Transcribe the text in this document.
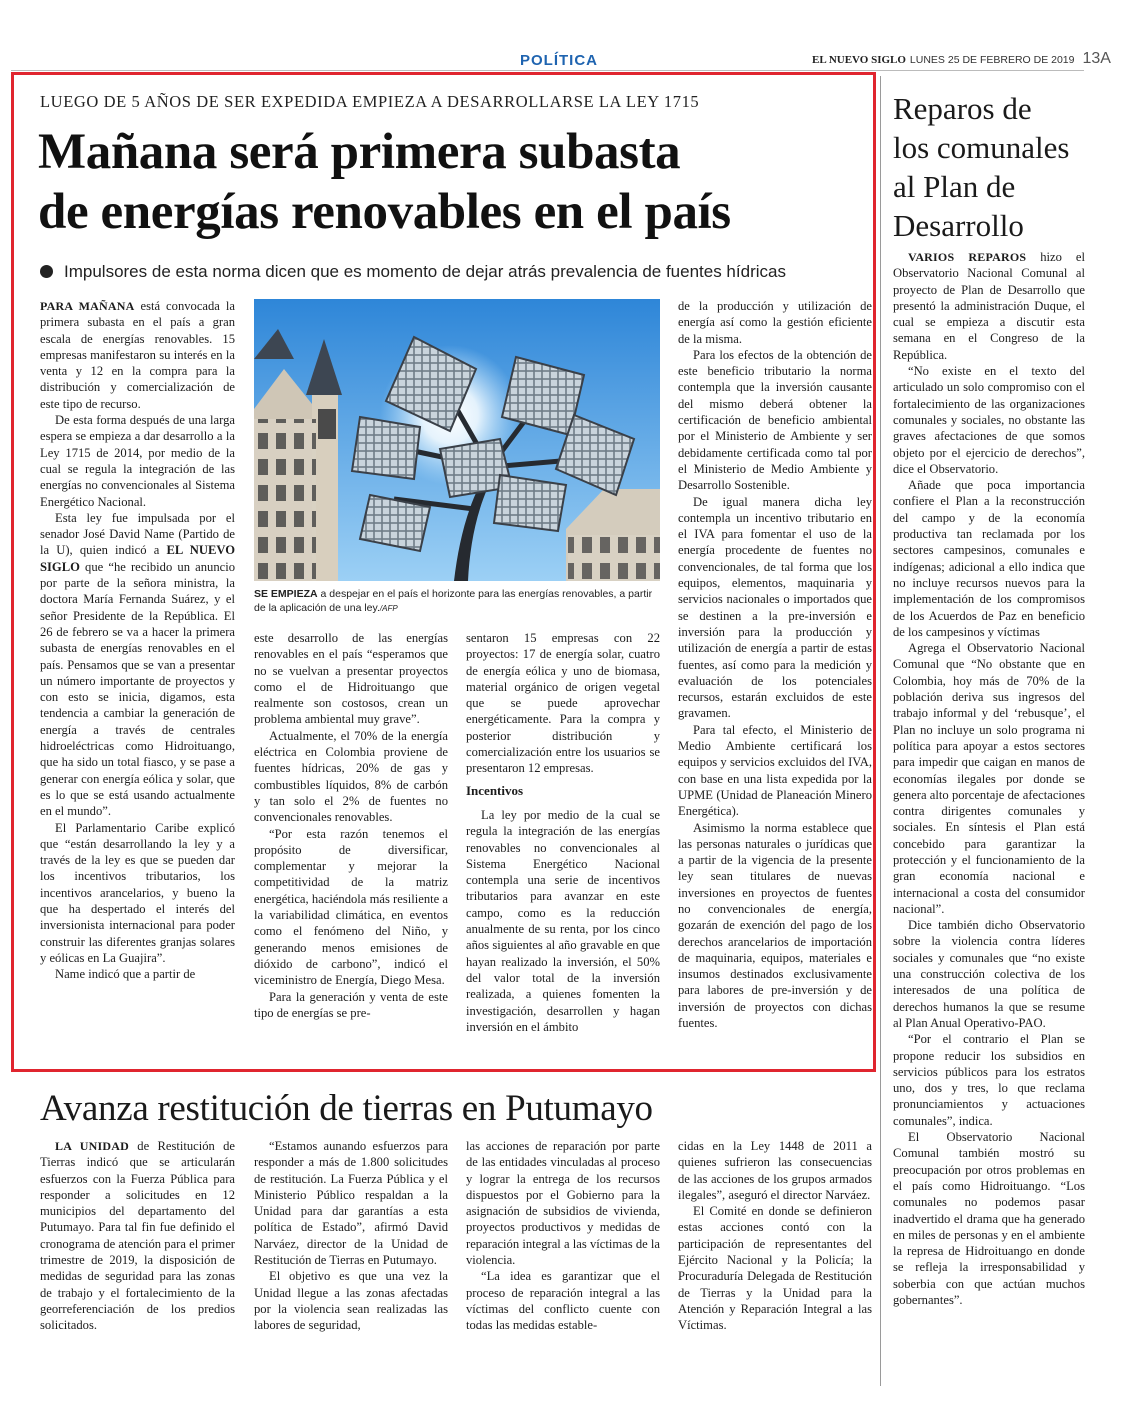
POLÍTICA	EL NUEVO SIGLO LUNES 25 DE FEBRERO DE 2019 13A
LUEGO DE 5 AÑOS DE SER EXPEDIDA EMPIEZA A DESARROLLARSE LA LEY 1715
Mañana será primera subasta
de energías renovables en el país
Impulsores de esta norma dicen que es momento de dejar atrás prevalencia de fuentes hídricas
SE EMPIEZA a despejar en el país el horizonte para las energías renovables, a partir de la aplicación de una ley./AFP

PARA MAÑANA está convocada la primera subasta en el país a gran escala de energías renovables. 15 empresas manifestaron su interés en la venta y 12 en la compra para la distribución y comercialización de este tipo de recurso.

De esta forma después de una larga espera se empieza a dar desarrollo a la Ley 1715 de 2014, por medio de la cual se regula la integración de las energías no convencionales al Sistema Energético Nacional.

Esta ley fue impulsada por el senador José David Name (Partido de la U), quien indicó a EL NUEVO SIGLO que “he recibido un anuncio por parte de la señora ministra, la doctora María Fernanda Suárez, y el señor Presidente de la República. El 26 de febrero se va a hacer la primera subasta de energías renovables en el país. Pensamos que se van a presentar un número importante de proyectos y con esto se inicia, digamos, esta tendencia a cambiar la generación de energía a través de centrales hidroeléctricas como Hidroituango, que ha sido un total fiasco, y se pase a generar con energía eólica y solar, que es lo que se está usando actualmente en el mundo”.

El Parlamentario Caribe explicó que “están desarrollando la ley y a través de la ley es que se pueden dar los incentivos tributarios, los incentivos arancelarios, y bueno la que ha despertado el interés del inversionista internacional para poder construir las diferentes granjas solares y eólicas en La Guajira”.

Name indicó que a partir de

este desarrollo de las energías renovables en el país “esperamos que no se vuelvan a presentar proyectos como el de Hidroituango que realmente son costosos, crean un problema ambiental muy grave”.

Actualmente, el 70% de la energía eléctrica en Colombia proviene de fuentes hídricas, 20% de gas y combustibles líquidos, 8% de carbón y tan solo el 2% de fuentes no convencionales renovables.

“Por esta razón tenemos el propósito de diversificar, complementar y mejorar la competitividad de la matriz energética, haciéndola más resiliente a la variabilidad climática, en eventos como el fenómeno del Niño, y generando menos emisiones de dióxido de carbono”, indicó el viceministro de Energía, Diego Mesa.

Para la generación y venta de este tipo de energías se pre-

sentaron 15 empresas con 22 proyectos: 17 de energía solar, cuatro de energía eólica y uno de biomasa, material orgánico de origen vegetal que se puede aprovechar energéticamente. Para la compra y posterior distribución y comercialización entre los usuarios se presentaron 12 empresas.

Incentivos

La ley por medio de la cual se regula la integración de las energías renovables no convencionales al Sistema Energético Nacional contempla una serie de incentivos tributarios para avanzar en este campo, como es la reducción anualmente de su renta, por los cinco años siguientes al año gravable en que hayan realizado la inversión, el 50% del valor total de la inversión realizada, a quienes fomenten la investigación, desarrollen y hagan inversión en el ámbito

de la producción y utilización de energía así como la gestión eficiente de la misma.

Para los efectos de la obtención de este beneficio tributario la norma contempla que la inversión causante del mismo deberá obtener la certificación de beneficio ambiental por el Ministerio de Ambiente y ser debidamente certificada como tal por el Ministerio de Medio Ambiente y Desarrollo Sostenible.

De igual manera dicha ley contempla un incentivo tributario en el IVA para fomentar el uso de la energía procedente de fuentes no convencionales, de tal forma que los equipos, elementos, maquinaria y servicios nacionales o importados que se destinen a la pre-inversión e inversión para la producción y utilización de energía a partir de estas fuentes, así como para la medición y evaluación de los potenciales recursos, estarán excluidos de este gravamen.

Para tal efecto, el Ministerio de Medio Ambiente certificará los equipos y servicios excluidos del IVA, con base en una lista expedida por la UPME (Unidad de Planeación Minero Energética).

Asimismo la norma establece que las personas naturales o jurídicas que a partir de la vigencia de la presente ley sean titulares de nuevas inversiones en proyectos de fuentes no convencionales de energía, gozarán de exención del pago de los derechos arancelarios de importación de maquinaria, equipos, materiales e insumos destinados exclusivamente para labores de pre-inversión y de inversión de proyectos con dichas fuentes.

Reparos de
los comunales
al Plan de
Desarrollo

VARIOS REPAROS hizo el Observatorio Nacional Comunal al proyecto de Plan de Desarrollo que presentó la administración Duque, el cual se empieza a discutir esta semana en el Congreso de la República.

“No existe en el texto del articulado un solo compromiso con el fortalecimiento de las organizaciones comunales y sociales, no obstante las graves afectaciones de que somos objeto por el ejercicio de derechos”, dice el Observatorio.

Añade que poca importancia confiere el Plan a la reconstrucción del campo y de la economía productiva tan reclamada por los sectores campesinos, comunales e indígenas; adicional a ello indica que no incluye recursos nuevos para la implementación de los compromisos de los Acuerdos de Paz en beneficio de los campesinos y víctimas

Agrega el Observatorio Nacional Comunal que “No obstante que en Colombia, hoy más de 70% de la población deriva sus ingresos del trabajo informal y del ‘rebusque’, el Plan no incluye un solo programa ni política para apoyar a estos sectores para impedir que caigan en manos de economías ilegales por donde se genera alto porcentaje de afectaciones contra dirigentes comunales y sociales. En síntesis el Plan está concebido para garantizar la protección y el funcionamiento de la gran economía nacional e internacional a costa del consumidor nacional”.

Dice también dicho Observatorio sobre la violencia contra líderes sociales y comunales que “no existe una construcción colectiva de los interesados de una política de derechos humanos la que se resume al Plan Anual Operativo-PAO.

“Por el contrario el Plan se propone reducir los subsidios en servicios públicos para los estratos uno, dos y tres, lo que reclama pronunciamientos y actuaciones comunales”, indica.

El Observatorio Nacional Comunal también mostró su preocupación por otros problemas en el país como Hidroituango. “Los comunales no podemos pasar inadvertido el drama que ha generado en miles de personas y en el ambiente la represa de Hidroituango en donde se refleja la irresponsabilidad y soberbia con que actúan muchos gobernantes”.

Avanza restitución de tierras en Putumayo

LA UNIDAD de Restitución de Tierras indicó que se articularán esfuerzos con la Fuerza Pública para responder a solicitudes en 12 municipios del departamento del Putumayo. Para tal fin fue definido el cronograma de atención para el primer trimestre de 2019, la disposición de medidas de seguridad para las zonas de trabajo y el fortalecimiento de la georreferenciación de los predios solicitados.

“Estamos aunando esfuerzos para responder a más de 1.800 solicitudes de restitución. La Fuerza Pública y el Ministerio Público respaldan a la Unidad para dar garantías a esta política de Estado”, afirmó David Narváez, director de la Unidad de Restitución de Tierras en Putumayo.

El objetivo es que una vez la Unidad llegue a las zonas afectadas por la violencia sean realizadas las labores de seguridad,

las acciones de reparación por parte de las entidades vinculadas al proceso y lograr la entrega de los recursos dispuestos por el Gobierno para la asignación de subsidios de vivienda, proyectos productivos y medidas de reparación integral a las víctimas de la violencia.

“La idea es garantizar que el proceso de reparación integral a las víctimas del conflicto cuente con todas las medidas estable-

cidas en la Ley 1448 de 2011 a quienes sufrieron las consecuencias de las acciones de los grupos armados ilegales”, aseguró el director Narváez.

El Comité en donde se definieron estas acciones contó con la participación de representantes del Ejército Nacional y la Policía; la Procuraduría Delegada de Restitución de Tierras y la Unidad para la Atención y Reparación Integral a las Víctimas.
